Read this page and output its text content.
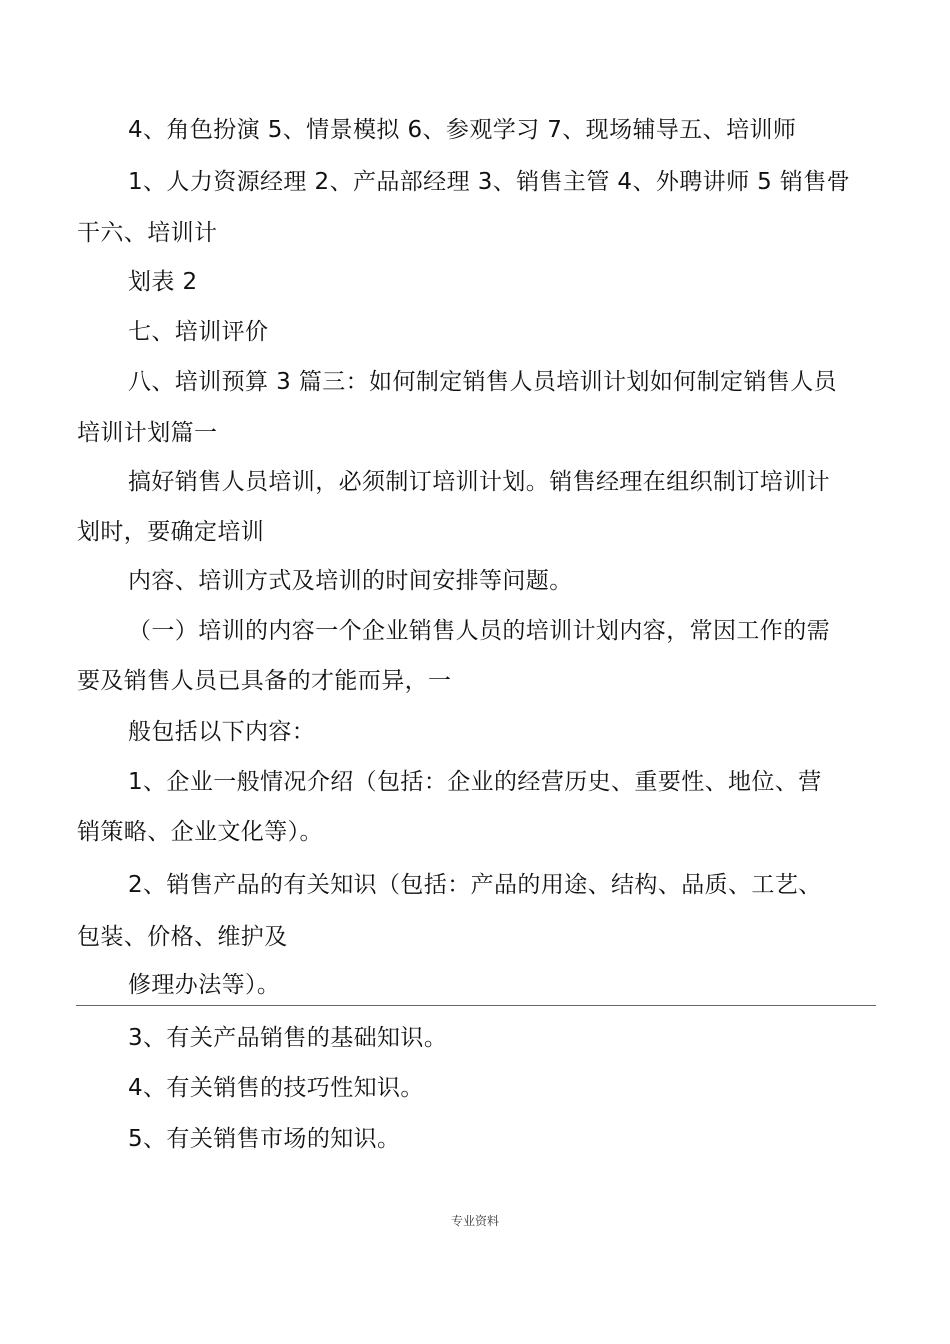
4、角色扮演 5、情景模拟 6、参观学习 7、现场辅导五、培训师
1、人力资源经理 2、产品部经理 3、销售主管 4、外聘讲师 5 销售骨
干六、培训计
划表 2
七、培训评价
八、培训预算 3 篇三：如何制定销售人员培训计划如何制定销售人员
培训计划篇一
搞好销售人员培训，必须制订培训计划。销售经理在组织制订培训计
划时，要确定培训
内容、培训方式及培训的时间安排等问题。
（一）培训的内容一个企业销售人员的培训计划内容，常因工作的需
要及销售人员已具备的才能而异，一
般包括以下内容：
1、企业一般情况介绍（包括：企业的经营历史、重要性、地位、营
销策略、企业文化等）。
2、销售产品的有关知识（包括：产品的用途、结构、品质、工艺、
包装、价格、维护及
修理办法等）。
3、有关产品销售的基础知识。
4、有关销售的技巧性知识。
5、有关销售市场的知识。
专业资料
